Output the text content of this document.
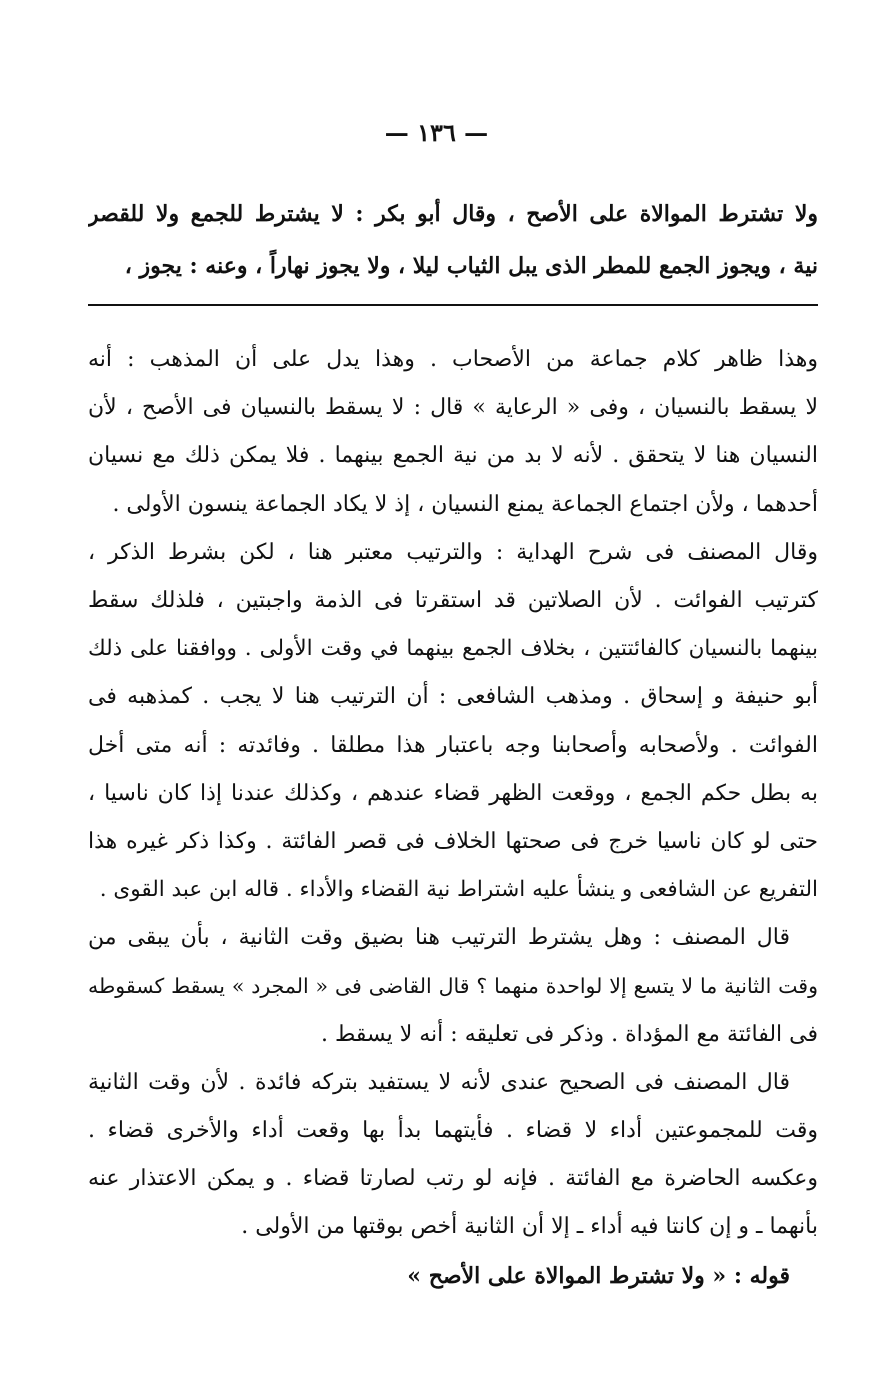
— ١٣٦ —
ولا تشترط الموالاة على الأصح ، وقال أبو بكر : لا يشترط للجمع ولا للقصر
نية ، ويجوز الجمع للمطر الذى يبل الثياب ليلا ، ولا يجوز نهاراً ، وعنه : يجوز ،
وهذا ظاهر كلام جماعة من الأصحاب . وهذا يدل على أن المذهب : أنه
لا يسقط بالنسيان ، وفى « الرعاية » قال : لا يسقط بالنسيان فى الأصح ، لأن
النسيان هنا لا يتحقق . لأنه لا بد من نية الجمع بينهما . فلا يمكن ذلك مع نسيان
أحدهما ، ولأن اجتماع الجماعة يمنع النسيان ، إذ لا يكاد الجماعة ينسون الأولى .
وقال المصنف فى شرح الهداية : والترتيب معتبر هنا ، لكن بشرط الذكر ،
كترتيب الفوائت . لأن الصلاتين قد استقرتا فى الذمة واجبتين ، فلذلك سقط
بينهما بالنسيان كالفائتتين ، بخلاف الجمع بينهما في وقت الأولى . ووافقنا على ذلك
أبو حنيفة و إسحاق . ومذهب الشافعى : أن الترتيب هنا لا يجب . كمذهبه فى
الفوائت . ولأصحابه وأصحابنا وجه باعتبار هذا مطلقا . وفائدته : أنه متى أخل
به بطل حكم الجمع ، ووقعت الظهر قضاء عندهم ، وكذلك عندنا إذا كان ناسيا ،
حتى لو كان ناسيا خرج فى صحتها الخلاف فى قصر الفائتة . وكذا ذكر غيره هذا
التفريع عن الشافعى و ينشأ عليه اشتراط نية القضاء والأداء . قاله ابن عبد القوى .
قال المصنف : وهل يشترط الترتيب هنا بضيق وقت الثانية ، بأن يبقى من
وقت الثانية ما لا يتسع إلا لواحدة منهما ؟ قال القاضى فى « المجرد » يسقط كسقوطه
فى الفائتة مع المؤداة . وذكر فى تعليقه : أنه لا يسقط .
قال المصنف فى الصحيح عندى لأنه لا يستفيد بتركه فائدة . لأن وقت الثانية
وقت للمجموعتين أداء لا قضاء . فأيتهما بدأ بها وقعت أداء والأخرى قضاء .
وعكسه الحاضرة مع الفائتة . فإنه لو رتب لصارتا قضاء . و يمكن الاعتذار عنه
بأنهما ـ و إن كانتا فيه أداء ـ إلا أن الثانية أخص بوقتها من الأولى .
قوله : « ولا تشترط الموالاة على الأصح »
